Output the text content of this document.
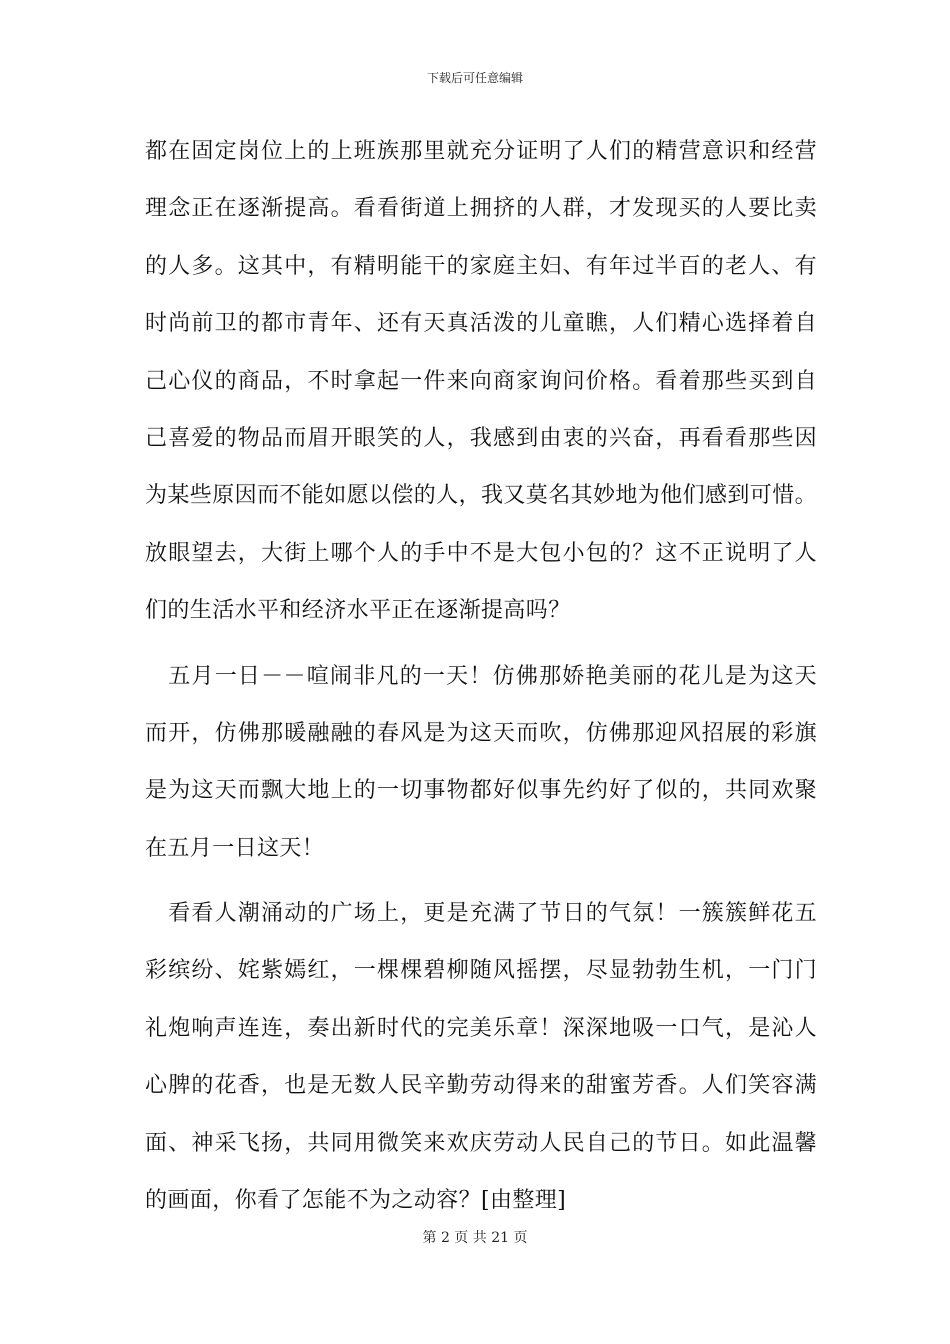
下载后可任意编辑
都在固定岗位上的上班族那里就充分证明了人们的精营意识和经营
理念正在逐渐提高。看看街道上拥挤的人群，才发现买的人要比卖
的人多。这其中，有精明能干的家庭主妇、有年过半百的老人、有
时尚前卫的都市青年、还有天真活泼的儿童瞧，人们精心选择着自
己心仪的商品，不时拿起一件来向商家询问价格。看着那些买到自
己喜爱的物品而眉开眼笑的人，我感到由衷的兴奋，再看看那些因
为某些原因而不能如愿以偿的人，我又莫名其妙地为他们感到可惜。
放眼望去，大街上哪个人的手中不是大包小包的？这不正说明了人
们的生活水平和经济水平正在逐渐提高吗？
　五月一日－－喧闹非凡的一天！仿佛那娇艳美丽的花儿是为这天
而开，仿佛那暖融融的春风是为这天而吹，仿佛那迎风招展的彩旗
是为这天而飘大地上的一切事物都好似事先约好了似的，共同欢聚
在五月一日这天！
　看看人潮涌动的广场上，更是充满了节日的气氛！一簇簇鲜花五
彩缤纷、姹紫嫣红，一棵棵碧柳随风摇摆，尽显勃勃生机，一门门
礼炮响声连连，奏出新时代的完美乐章！深深地吸一口气，是沁人
心脾的花香，也是无数人民辛勤劳动得来的甜蜜芳香。人们笑容满
面、神采飞扬，共同用微笑来欢庆劳动人民自己的节日。如此温馨
的画面，你看了怎能不为之动容？[由整理]
第 2 页 共 21 页
